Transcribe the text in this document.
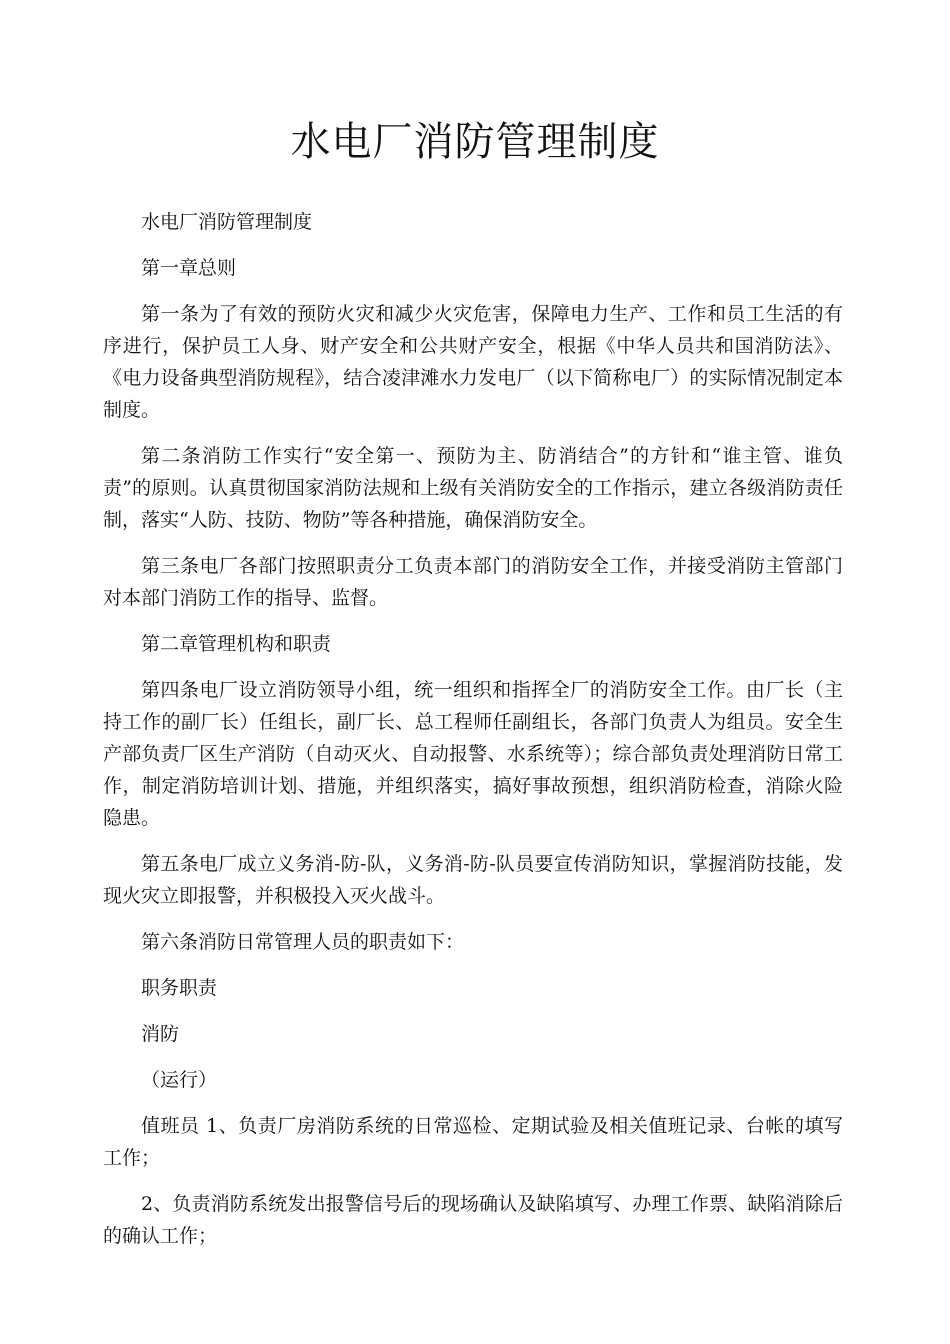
水电厂消防管理制度

水电厂消防管理制度

第一章总则

第一条为了有效的预防火灾和减少火灾危害，保障电力生产、工作和员工生活的有序进行，保护员工人身、财产安全和公共财产安全，根据《中华人员共和国消防法》、《电力设备典型消防规程》，结合凌津滩水力发电厂（以下简称电厂）的实际情况制定本制度。

第二条消防工作实行“安全第一、预防为主、防消结合”的方针和“谁主管、谁负责”的原则。认真贯彻国家消防法规和上级有关消防安全的工作指示，建立各级消防责任制，落实“人防、技防、物防”等各种措施，确保消防安全。

第三条电厂各部门按照职责分工负责本部门的消防安全工作，并接受消防主管部门对本部门消防工作的指导、监督。

第二章管理机构和职责

第四条电厂设立消防领导小组，统一组织和指挥全厂的消防安全工作。由厂长（主持工作的副厂长）任组长，副厂长、总工程师任副组长，各部门负责人为组员。安全生产部负责厂区生产消防（自动灭火、自动报警、水系统等）；综合部负责处理消防日常工作，制定消防培训计划、措施，并组织落实，搞好事故预想，组织消防检查，消除火险隐患。

第五条电厂成立义务消-防-队，义务消-防-队员要宣传消防知识，掌握消防技能，发现火灾立即报警，并积极投入灭火战斗。

第六条消防日常管理人员的职责如下：

职务职责

消防

（运行）

值班员 1、负责厂房消防系统的日常巡检、定期试验及相关值班记录、台帐的填写工作；

2、负责消防系统发出报警信号后的现场确认及缺陷填写、办理工作票、缺陷消除后的确认工作；
